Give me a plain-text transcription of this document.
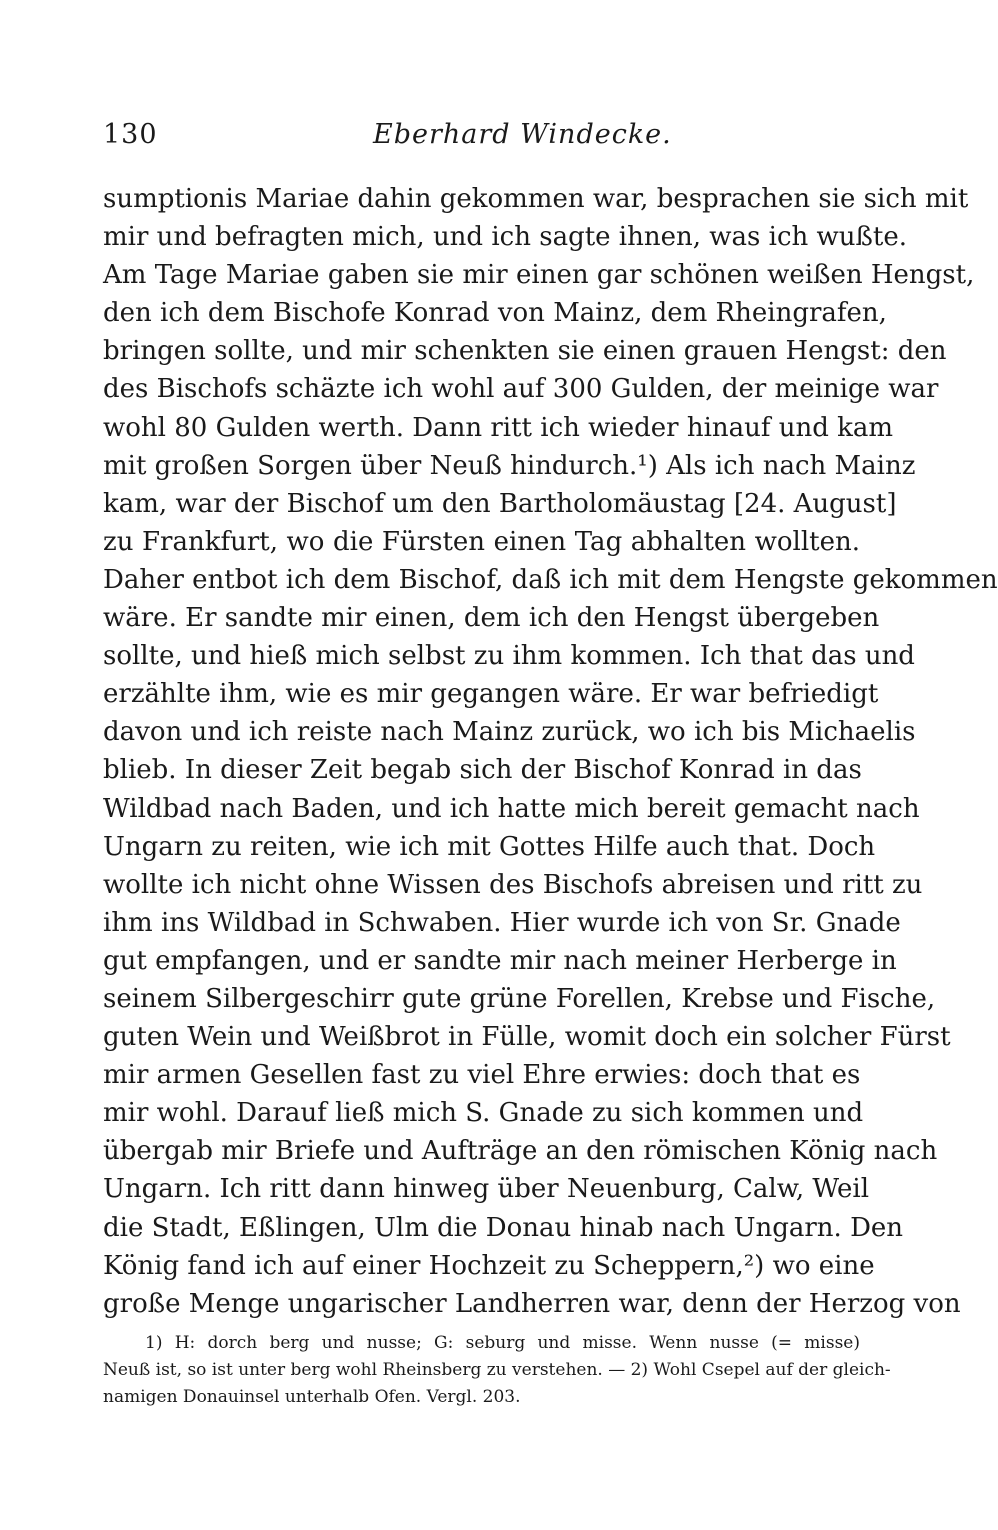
130	Eberhard Windecke.
sumptionis Mariae dahin gekommen war, besprachen sie sich mit
mir und befragten mich, und ich sagte ihnen, was ich wußte.
Am Tage Mariae gaben sie mir einen gar schönen weißen Hengst,
den ich dem Bischofe Konrad von Mainz, dem Rheingrafen,
bringen sollte, und mir schenkten sie einen grauen Hengst: den
des Bischofs schäzte ich wohl auf 300 Gulden, der meinige war
wohl 80 Gulden werth. Dann ritt ich wieder hinauf und kam
mit großen Sorgen über Neuß hindurch.¹) Als ich nach Mainz
kam, war der Bischof um den Bartholomäustag [24. August]
zu Frankfurt, wo die Fürsten einen Tag abhalten wollten.
Daher entbot ich dem Bischof, daß ich mit dem Hengste gekommen
wäre. Er sandte mir einen, dem ich den Hengst übergeben
sollte, und hieß mich selbst zu ihm kommen. Ich that das und
erzählte ihm, wie es mir gegangen wäre. Er war befriedigt
davon und ich reiste nach Mainz zurück, wo ich bis Michaelis
blieb. In dieser Zeit begab sich der Bischof Konrad in das
Wildbad nach Baden, und ich hatte mich bereit gemacht nach
Ungarn zu reiten, wie ich mit Gottes Hilfe auch that. Doch
wollte ich nicht ohne Wissen des Bischofs abreisen und ritt zu
ihm ins Wildbad in Schwaben. Hier wurde ich von Sr. Gnade
gut empfangen, und er sandte mir nach meiner Herberge in
seinem Silbergeschirr gute grüne Forellen, Krebse und Fische,
guten Wein und Weißbrot in Fülle, womit doch ein solcher Fürst
mir armen Gesellen fast zu viel Ehre erwies: doch that es
mir wohl. Darauf ließ mich S. Gnade zu sich kommen und
übergab mir Briefe und Aufträge an den römischen König nach
Ungarn. Ich ritt dann hinweg über Neuenburg, Calw, Weil
die Stadt, Eßlingen, Ulm die Donau hinab nach Ungarn. Den
König fand ich auf einer Hochzeit zu Scheppern,²) wo eine
große Menge ungarischer Landherren war, denn der Herzog von
1) H: dorch berg und nusse; G: seburg und misse. Wenn nusse (= misse)
Neuß ist, so ist unter berg wohl Rheinsberg zu verstehen. — 2) Wohl Csepel auf der gleich-
namigen Donauinsel unterhalb Ofen. Vergl. 203.
